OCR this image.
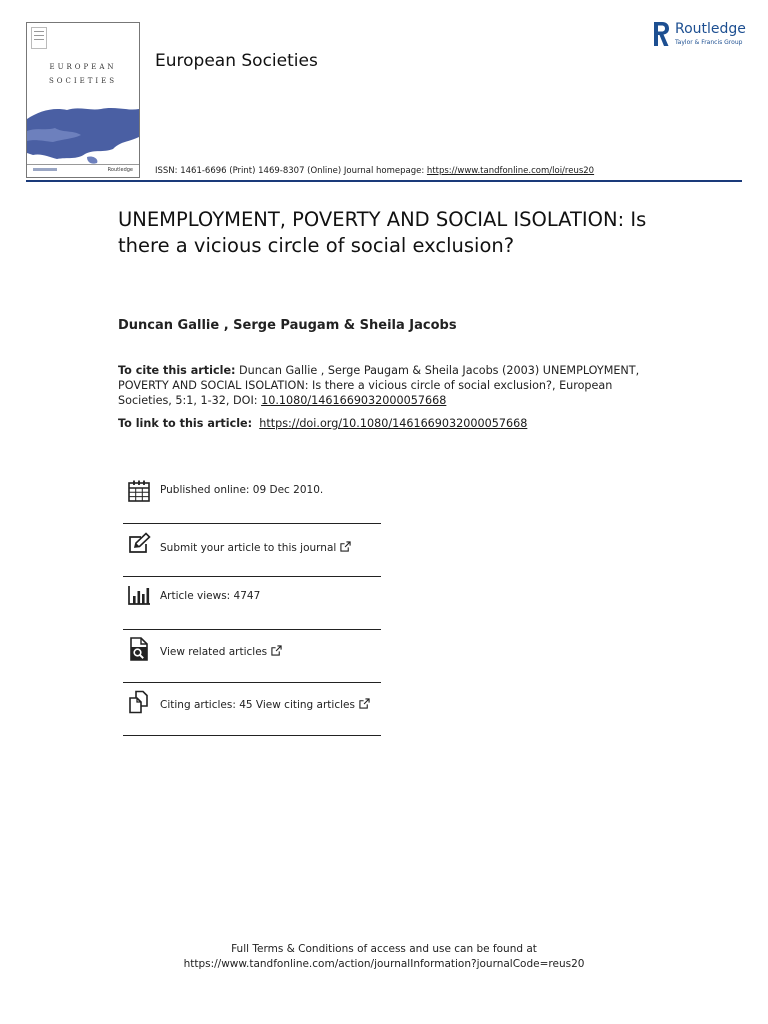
EUROPEAN
SOCIETIES
Routledge
European Societies
Routledge
Taylor & Francis Group
ISSN: 1461-6696 (Print) 1469-8307 (Online) Journal homepage: https://www.tandfonline.com/loi/reus20
UNEMPLOYMENT, POVERTY AND SOCIAL ISOLATION: Is there a vicious circle of social exclusion?
Duncan Gallie , Serge Paugam & Sheila Jacobs
To cite this article: Duncan Gallie , Serge Paugam & Sheila Jacobs (2003) UNEMPLOYMENT, POVERTY AND SOCIAL ISOLATION: Is there a vicious circle of social exclusion?, European Societies, 5:1, 1-32, DOI: 10.1080/1461669032000057668
To link to this article: https://doi.org/10.1080/1461669032000057668
Published online: 09 Dec 2010.
Submit your article to this journal
Article views: 4747
View related articles
Citing articles: 45 View citing articles
Full Terms & Conditions of access and use can be found at
https://www.tandfonline.com/action/journalInformation?journalCode=reus20
